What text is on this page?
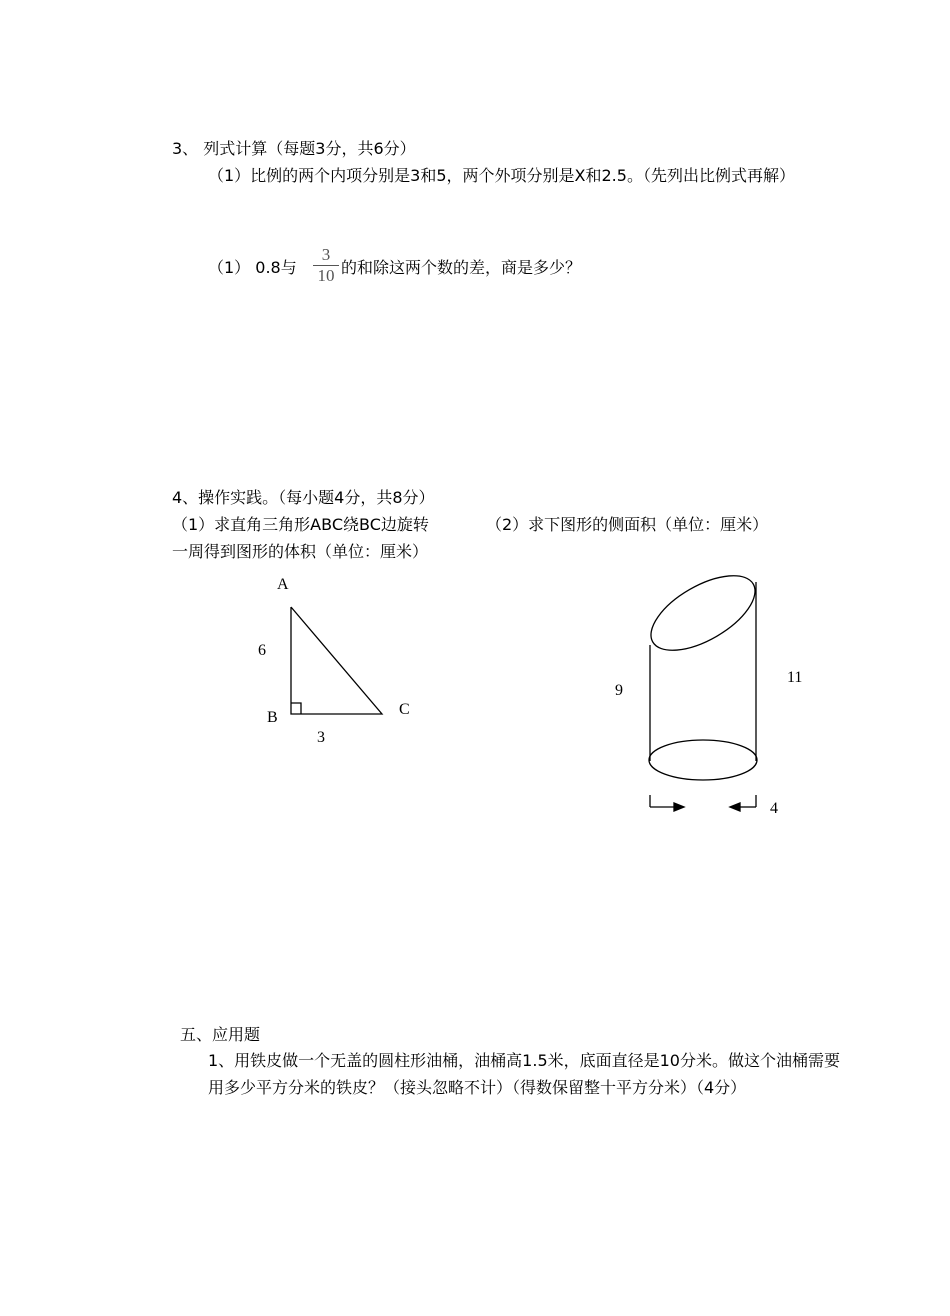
3、 列式计算（每题3分，共6分）
（1）比例的两个内项分别是3和5，两个外项分别是X和2.5。（先列出比例式再解）
（1） 0.8与
3
10 的和除这两个数的差，商是多少？
4、操作实践。（每小题4分，共8分）
（1）求直角三角形ABC绕BC边旋转	（2）求下图形的侧面积（单位：厘米）
一周得到图形的体积（单位：厘米）
A
6
B	C
3
9
11
4
五、应用题
1、用铁皮做一个无盖的圆柱形油桶，油桶高1.5米，底面直径是10分米。做这个油桶需要
用多少平方分米的铁皮？（接头忽略不计）（得数保留整十平方分米）（4分）
